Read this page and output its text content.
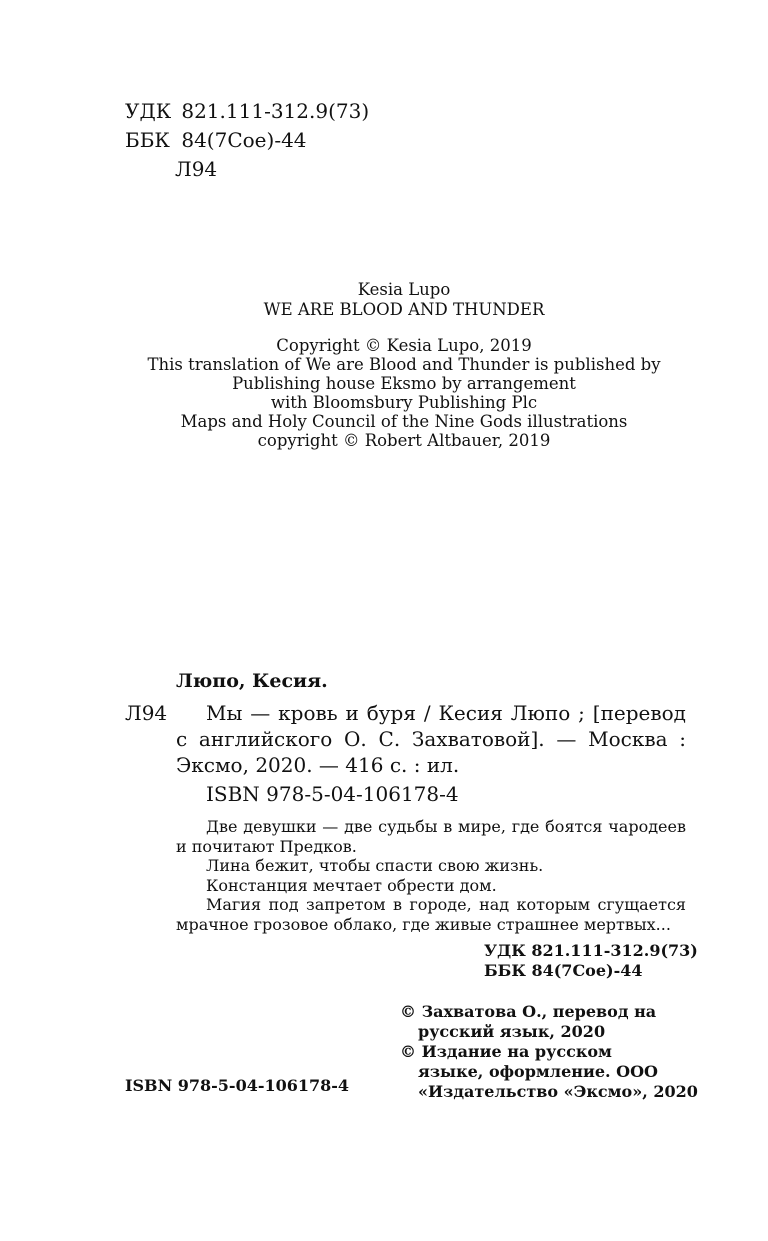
УДК 821.111-312.9(73)
ББК 84(7Сое)-44
Л94
Kesia Lupo
WE ARE BLOOD AND THUNDER
Copyright © Kesia Lupo, 2019
This translation of We are Blood and Thunder is published by
Publishing house Eksmo by arrangement
with Bloomsbury Publishing Plc
Maps and Holy Council of the Nine Gods illustrations
copyright © Robert Altbauer, 2019
Люпо, Кесия.
Л94	Мы — кровь и буря / Кесия Люпо ; [перевод с английского О. С. Захватовой]. — Москва : Эксмо, 2020. — 416 с. : ил.

ISBN 978-5-04-106178-4

Две девушки — две судьбы в мире, где боятся чародеев и почитают Предков.

Лина бежит, чтобы спасти свою жизнь.

Констанция мечтает обрести дом.

Магия под запретом в городе, над которым сгущается мрачное грозовое облако, где живые страшнее мертвых...

УДК 821.111-312.9(73)
ББК 84(7Сое)-44
© Захватова О., перевод на
русский язык, 2020
© Издание на русском
языке, оформление. ООО
«Издательство «Эксмо», 2020
ISBN 978-5-04-106178-4
